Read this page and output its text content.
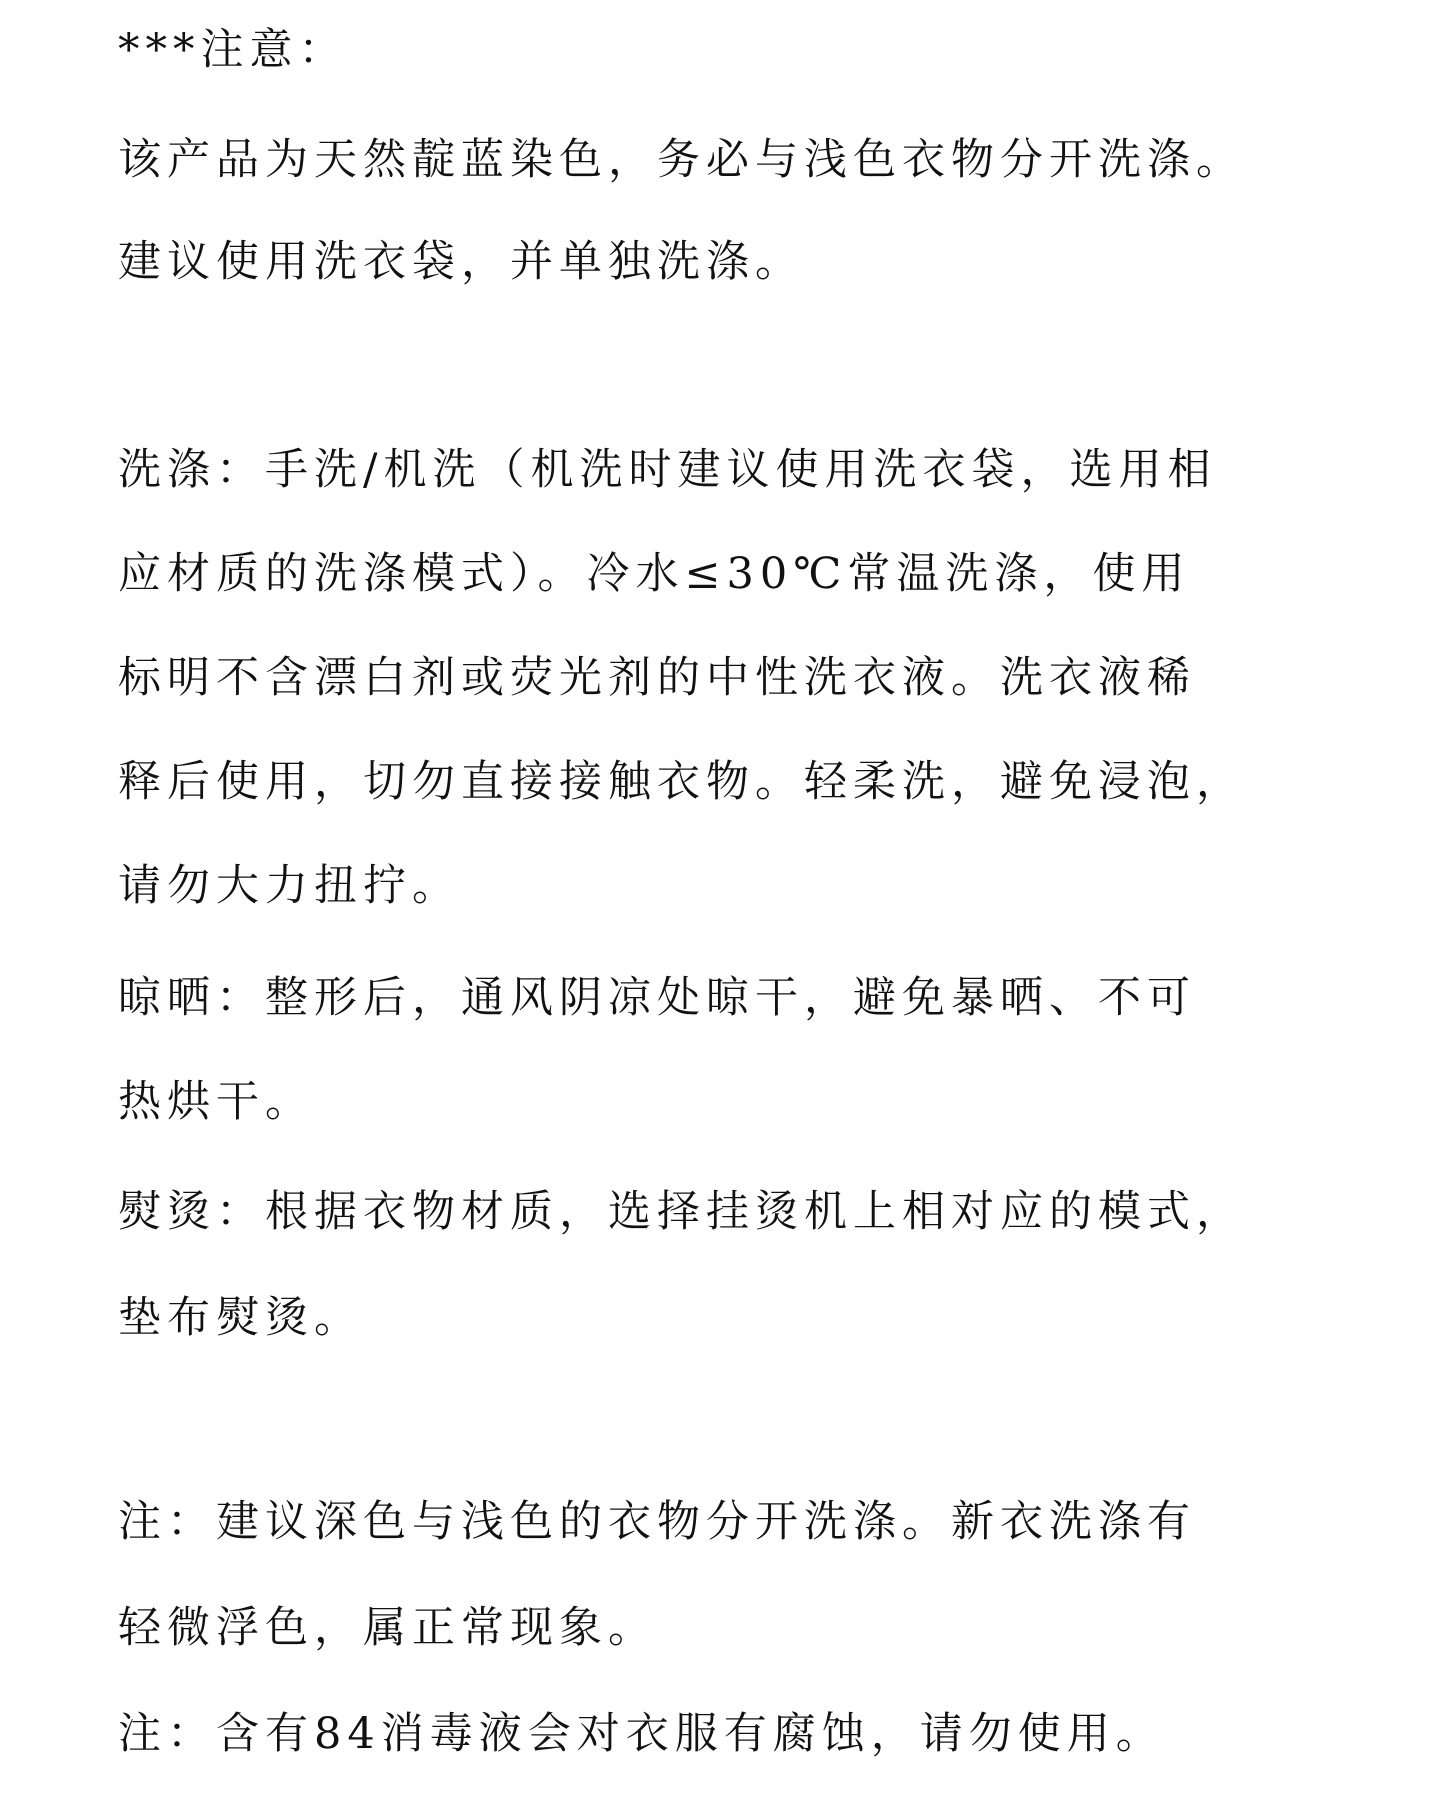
***注意：

该产品为天然靛蓝染色，务必与浅色衣物分开洗涤。

建议使用洗衣袋，并单独洗涤。

洗涤：手洗/机洗（机洗时建议使用洗衣袋，选用相

应材质的洗涤模式）。冷水≤30℃常温洗涤，使用

标明不含漂白剂或荧光剂的中性洗衣液。洗衣液稀

释后使用，切勿直接接触衣物。轻柔洗，避免浸泡，

请勿大力扭拧。

晾晒：整形后，通风阴凉处晾干，避免暴晒、不可

热烘干。

熨烫：根据衣物材质，选择挂烫机上相对应的模式，

垫布熨烫。

注：建议深色与浅色的衣物分开洗涤。新衣洗涤有

轻微浮色，属正常现象。

注：含有84消毒液会对衣服有腐蚀，请勿使用。
